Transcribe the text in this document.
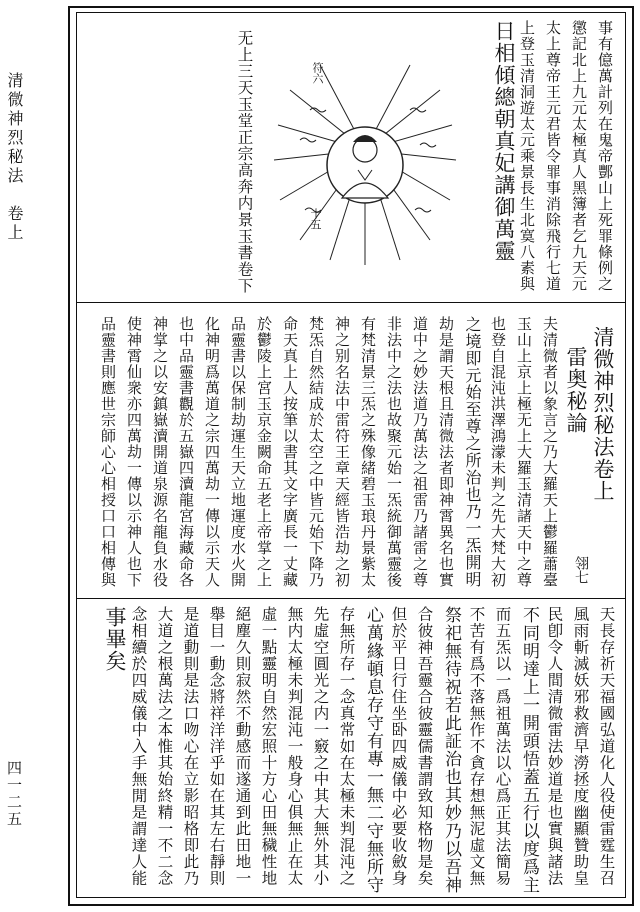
清微神烈秘法　卷上
四一二五
事有億萬計列在鬼帝酆山上死罪條例之
懲記北上九元太極真人黑簿者乞九天元
太上尊帝王元君皆令罪事消除飛行七道
上登玉清洞遊太元乘景長生北寞八素與
日相傾總朝真妃講御萬靈
符六
十五
无上三天玉堂正宗高奔内景玉書卷下
清微神烈秘法卷上
雷奥秘論
翎七
夫清微者以象言之乃大羅天上鬱羅蕭臺
玉山上京上極无上大羅玉清諸天中之尊
也登自混沌洪澤鴻濛未判之先大梵大初
之境即元始至尊之所治也乃一炁開明
劫是謂天根且清微法者即神霄異名也實
道中之妙法道乃萬法之祖雷乃諸雷之尊
非法中之法也故聚元始一炁統御萬靈後
有梵清景三炁之殊像緒碧玉琅丹景紫太
神之别名法中雷符王章天經皆浩劫之初
梵炁自然結成於太空之中皆元始下降乃
命天真上人按筆以書其文字廣長一丈藏
於鬱陵上宮玉京金闕命五老上帝掌之上
品靈書以保制劫運生天立地運度水火開
化神明爲萬道之宗四萬劫一傳以示天人
也中品靈書觀於五嶽四瀆龍宮海藏命各
神掌之以安鎮嶽瀆開道泉源名龍負水役
使神霄仙衆亦四萬劫一傳以示神人也下
品靈書則應世宗師心心相授口口相傳與
天長存祈天福國弘道化人役使雷霆生召
風雨斬滅妖邪救濟早澇拯度幽顯贊助皇
民卽令人間清微雷法妙道是也實與諸法
不同明達上一開頭悟蓋五行以度爲主
而五炁以一爲祖萬法以心爲正其法簡易
不苦有爲不落無作不貪存想無泥虛文無
祭祀無待祝若此証治也其妙乃以吾神
合彼神吾靈合彼靈儒書謂致知格物是矣
但於平日行住坐卧四威儀中必要收斂身
心萬緣頓息存守有專一無二守無所守
存無所存一念真常如在太極未判混沌之
先虛空圓光之内一竅之中其大無外其小
無内太極未判混沌一般身心俱無止在太
虛一點靈明自然宏照十方心田無穢性地
絕塵久則寂然不動感而遂通到此田地一
舉目一動念將祥洋洋乎如在其左右靜則
是道動則是法口吻心在立影昭格即此乃
大道之根萬法之本惟其始終精一不二念
念相續於四威儀中入手無閒是謂達人能
事畢矣
